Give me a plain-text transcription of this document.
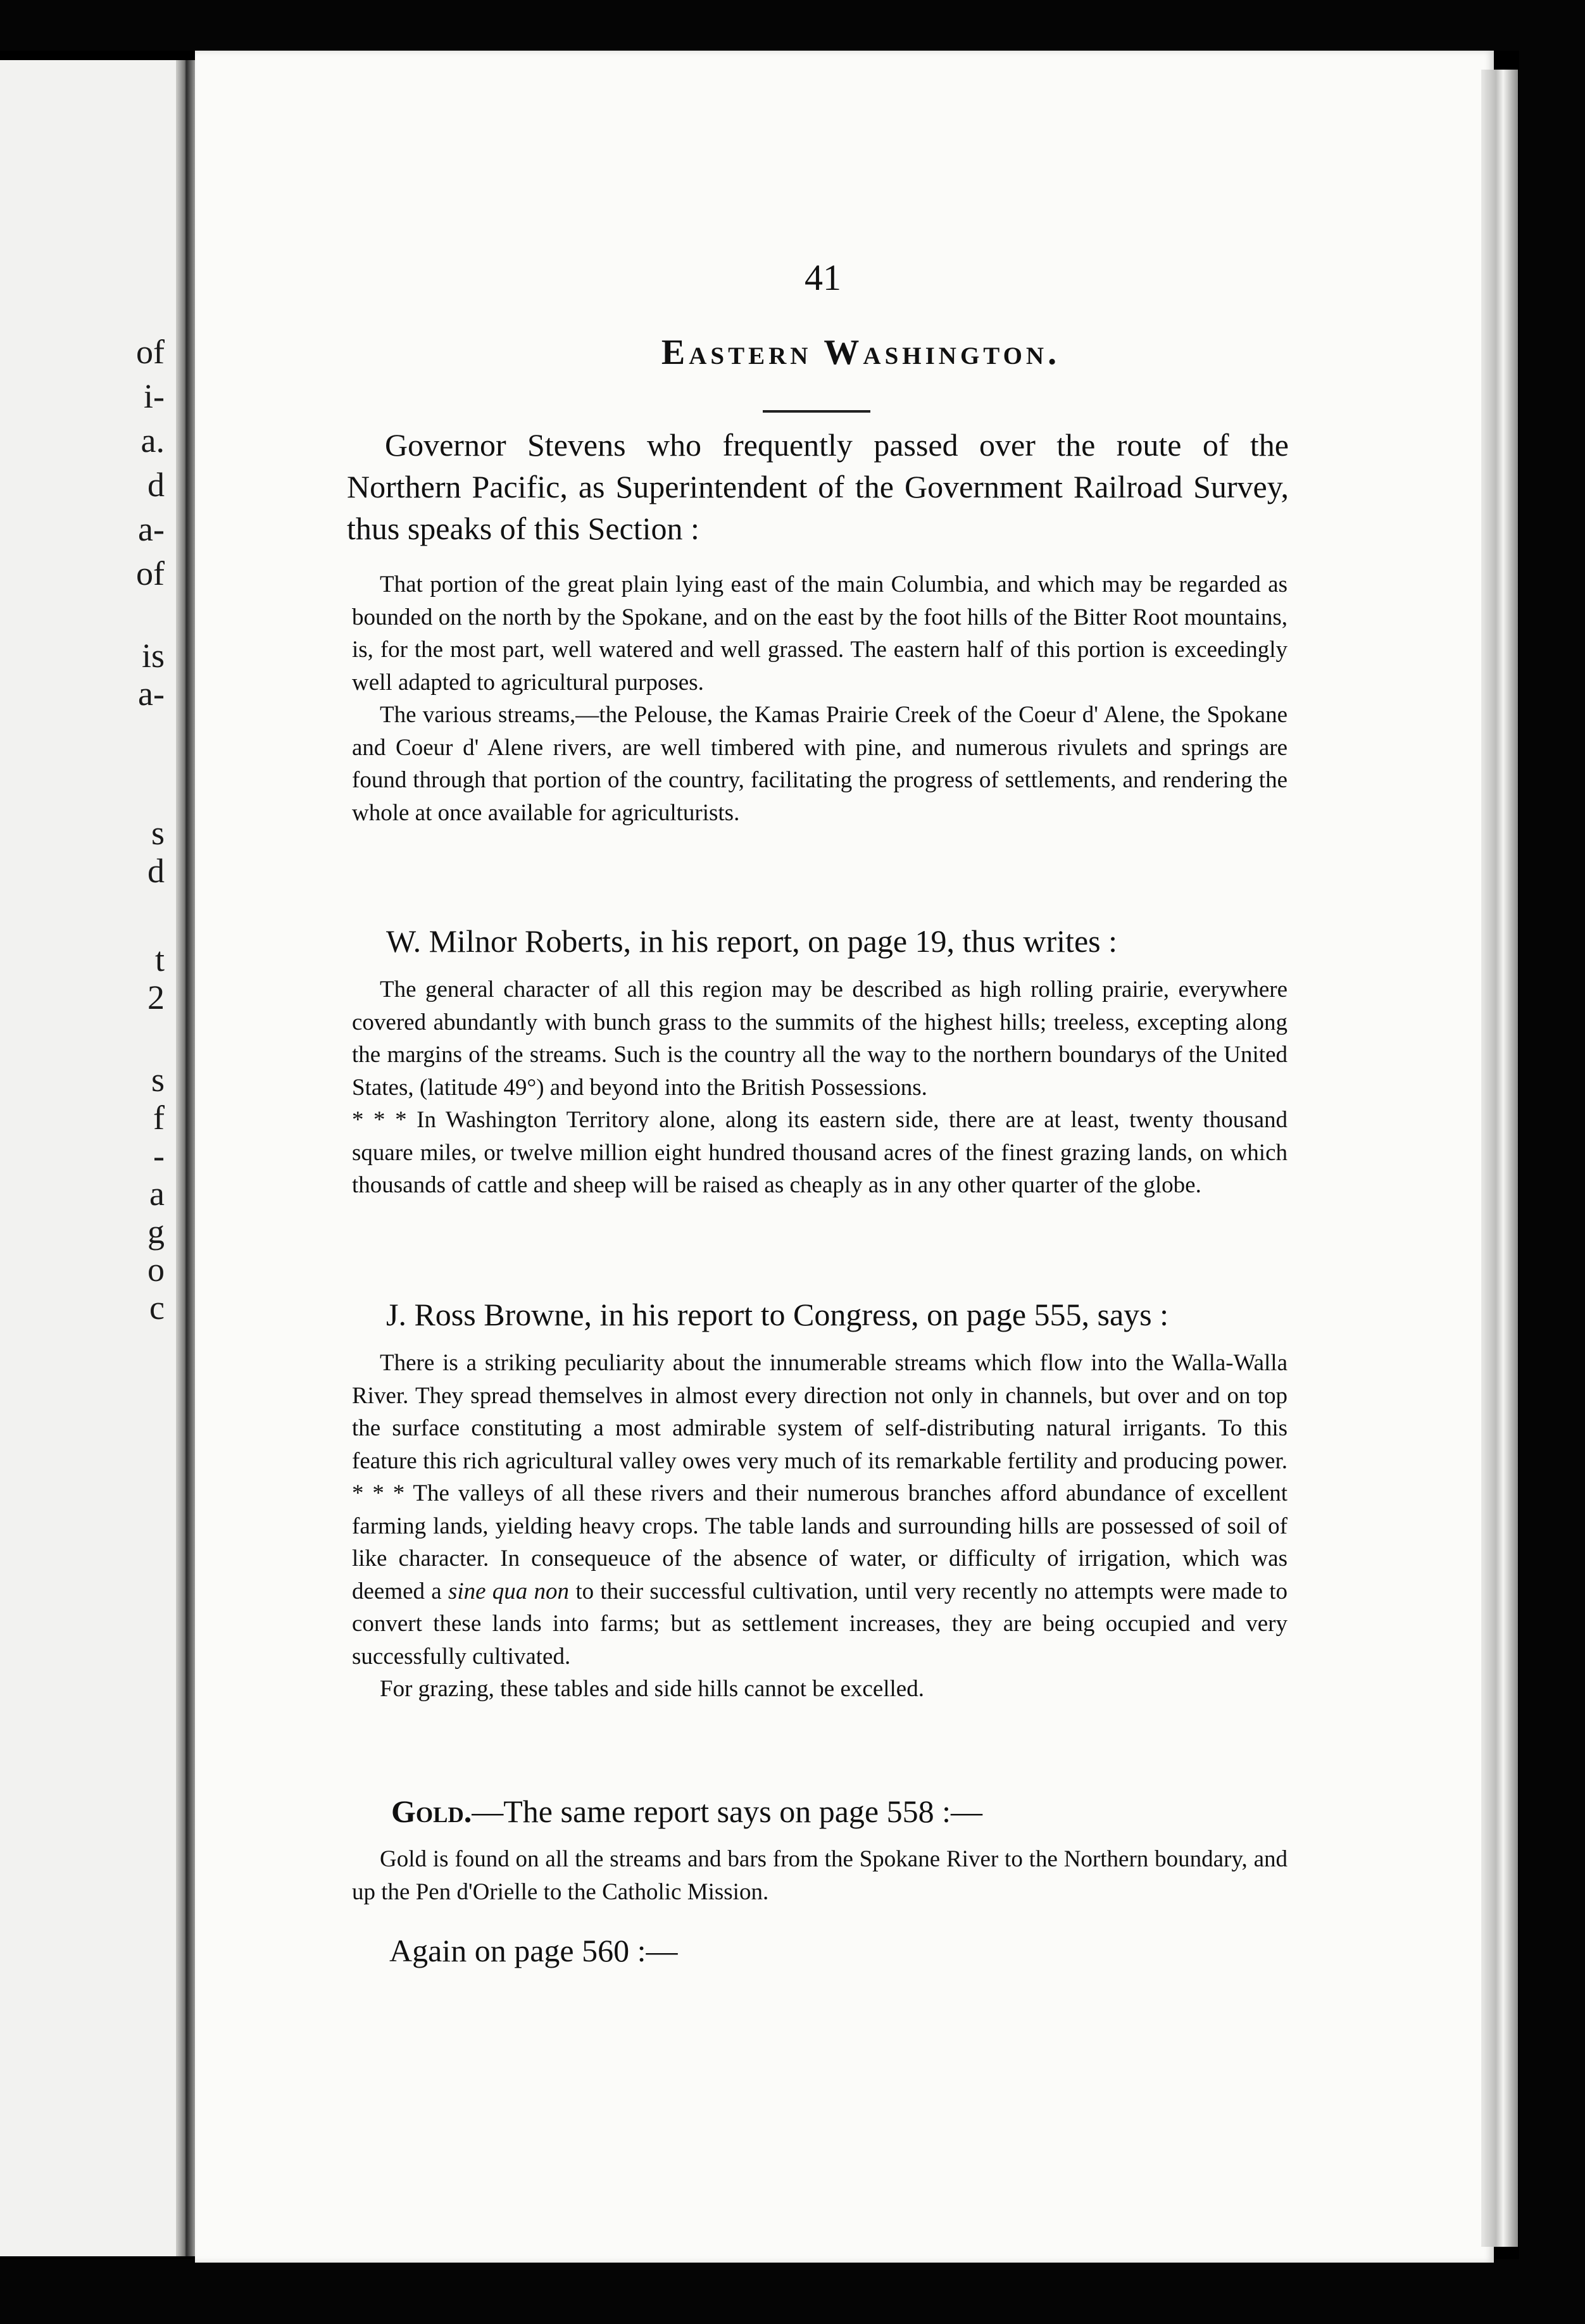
of
i-
a.
d
a-
of
is
a-
s
d
t
2
s
f
-
a
g
o
c
41
Eastern Washington.
Governor Stevens who frequently passed over the route of the Northern Pacific, as Superintendent of the Government Railroad Survey, thus speaks of this Section :

That portion of the great plain lying east of the main Columbia, and which may be regarded as bounded on the north by the Spokane, and on the east by the foot hills of the Bitter Root mountains, is, for the most part, well watered and well grassed. The eastern half of this portion is exceedingly well adapted to agricultural purposes.

The various streams,—the Pelouse, the Kamas Prairie Creek of the Coeur d' Alene, the Spokane and Coeur d' Alene rivers, are well timbered with pine, and numerous rivulets and springs are found through that portion of the country, facilitating the progress of settlements, and rendering the whole at once available for agriculturists.

W. Milnor Roberts, in his report, on page 19, thus writes :

The general character of all this region may be described as high rolling prairie, everywhere covered abundantly with bunch grass to the summits of the highest hills; treeless, excepting along the margins of the streams. Such is the country all the way to the northern boundarys of the United States, (latitude 49°) and beyond into the British Possessions.

* * * In Washington Territory alone, along its eastern side, there are at least, twenty thousand square miles, or twelve million eight hundred thousand acres of the finest grazing lands, on which thousands of cattle and sheep will be raised as cheaply as in any other quarter of the globe.

J. Ross Browne, in his report to Congress, on page 555, says :

There is a striking peculiarity about the innumerable streams which flow into the Walla-Walla River. They spread themselves in almost every direction not only in channels, but over and on top the surface constituting a most admirable system of self-distributing natural irrigants. To this feature this rich agricultural valley owes very much of its remarkable fertility and producing power. * * * The valleys of all these rivers and their numerous branches afford abundance of excellent farming lands, yielding heavy crops. The table lands and surrounding hills are possessed of soil of like character. In consequeuce of the absence of water, or difficulty of irrigation, which was deemed a sine qua non to their successful cultivation, until very recently no attempts were made to convert these lands into farms; but as settlement increases, they are being occupied and very successfully cultivated.

For grazing, these tables and side hills cannot be excelled.

Gold.—The same report says on page 558 :—

Gold is found on all the streams and bars from the Spokane River to the Northern boundary, and up the Pen d'Orielle to the Catholic Mission.

Again on page 560 :—
